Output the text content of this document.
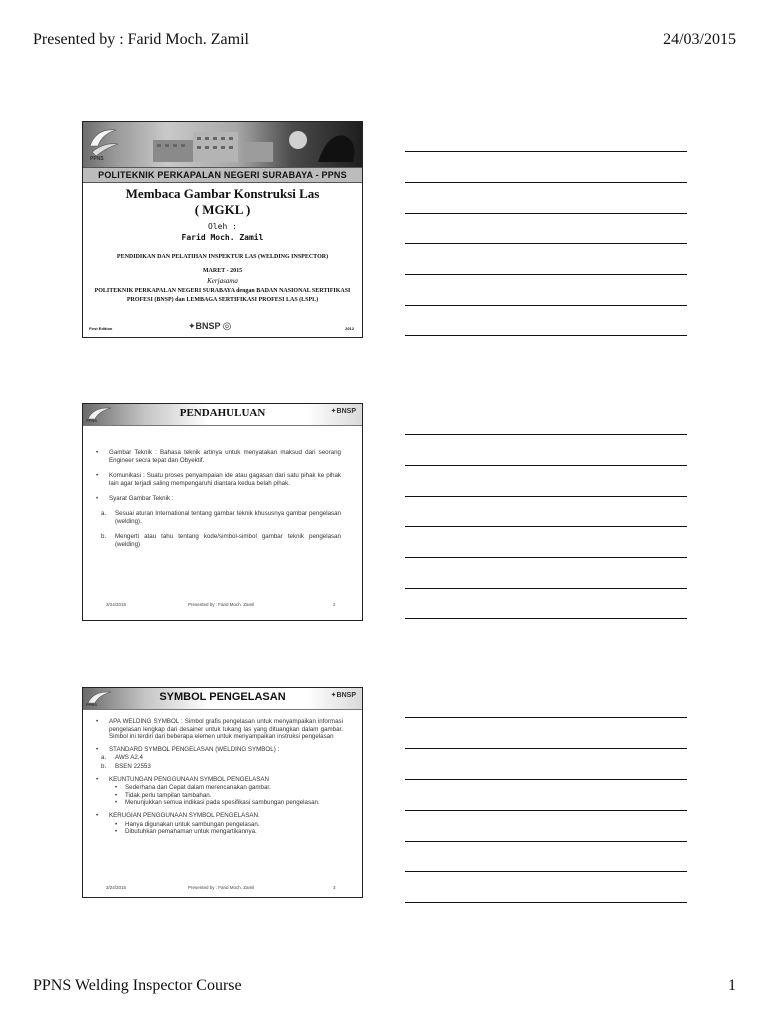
Presented by : Farid Moch. Zamil	24/03/2015
PPNS
POLITEKNIK PERKAPALAN NEGERI SURABAYA - PPNS
Membaca Gambar Konstruksi Las
( MGKL )
Oleh :
Farid Moch. Zamil
PENDIDIKAN DAN PELATIHAN INSPEKTUR LAS (WELDING INSPECTOR)
MARET - 2015
Kerjasama
POLITEKNIK PERKAPALAN NEGERI SURABAYA dengan BADAN NASIONAL SERTIFIKASI PROFESI (BNSP) dan LEMBAGA SERTIFIKASI PROFESI LAS (LSPL)
First Edition	✦BNSP ◎	2012
PPNS
PENDAHULUAN	✦BNSP
• Gambar Teknik : Bahasa teknik artinya untuk menyatakan maksud dari seorang Engineer secra tepat dan Obyektif.
• Komunikasi : Suatu proses penyampaian ide atau gagasan dari satu pihak ke pihak lain agar terjadi saling mempengaruhi diantara kedua belah pihak.
• Syarat Gambar Teknik :
a. Sesuai aturan International tentang gambar teknik khususnya gambar pengelasan (welding).
b. Mengerti atau tahu tentang kode/simbol-simbol gambar teknik pengelasan (welding)
3/24/2015	Presented by : Farid Moch. Zamil	2
PPNS
SYMBOL PENGELASAN	✦BNSP
• APA WELDING SYMBOL : Simbol grafis pengelasan untuk menyampaikan informasi pengelasan lengkap dari desainer untuk tukang las yang dituangkan dalam gambar. Simbol ini terdiri dari beberapa elemen untuk menyampaikan instruksi pengelasan
• STANDARD SYMBOL PENGELASAN (WELDING SYMBOL) :
a. AWS A2.4
b. BSEN 22553
• KEUNTUNGAN PENGGUNAAN SYMBOL PENGELASAN
• Sederhana dan Cepat dalam merencanakan gambar.
• Tidak perlu tampilan tambahan.
• Menunjukkan semua indikasi pada spesifikasi sambungan pengelasan.
• KERUGIAN PENGGUNAAN SYMBOL PENGELASAN.
• Hanya digunakan untuk sambungan pengelasan.
• Dibutuhkan pemahaman untuk mengartikannya.
3/24/2015	Presented by : Farid Moch. Zamil	3
PPNS Welding Inspector Course	1
